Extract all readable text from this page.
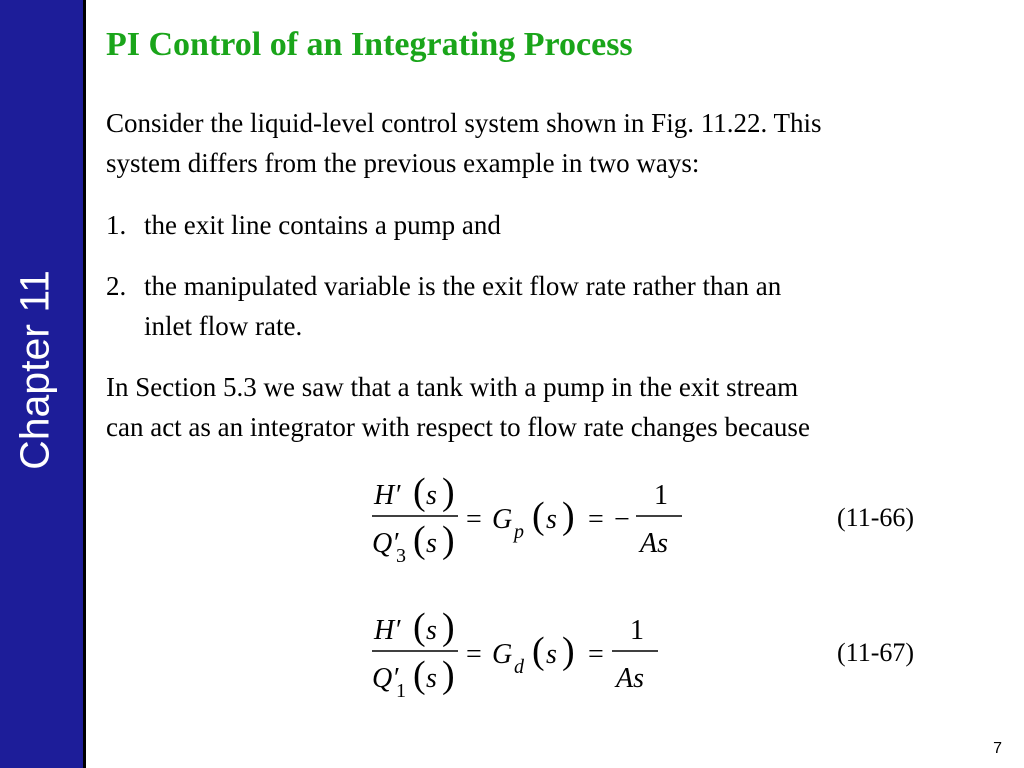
Chapter 11
PI Control of an Integrating Process
Consider the liquid-level control system shown in Fig. 11.22. This
system differs from the previous example in two ways:
1. the exit line contains a pump and
2. the manipulated variable is the exit flow rate rather than an
inlet flow rate.
In Section 5.3 we saw that a tank with a pump in the exit stream
can act as an integrator with respect to flow rate changes because
H′ ( s )
Q′
3 ( s ) = G p ( s ) = −
1
As
(11-66)
H′ ( s )
Q′
1 ( s ) = G d ( s ) =
1
As
(11-67)
7
